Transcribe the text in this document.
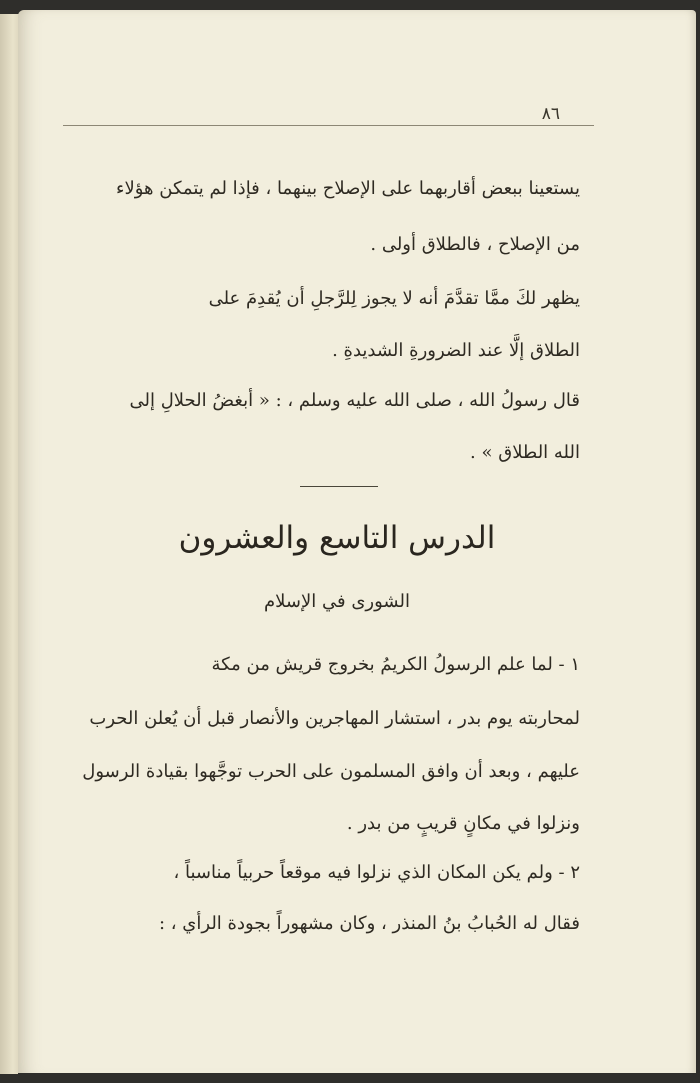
٨٦
يستعينا ببعض أقاربهما على الإصلاح بينهما ، فإذا لم يتمكن هؤلاء
من الإصلاح ، فالطلاق أولى .
يظهر لكَ ممَّا تقدَّمَ أنه لا يجوز لِلرَّجلِ أن يُقدِمَ على
الطلاق إلَّا عند الضرورةِ الشديدةِ .
قال رسولُ الله ، صلى الله عليه وسلم ، : « أبغضُ الحلالِ إلى
الله الطلاق » .
الدرس التاسع والعشرون
الشورى في الإسلام
١ - لما علم الرسولُ الكريمُ بخروج قريش من مكة
لمحاربته يوم بدر ، استشار المهاجرين والأنصار قبل أن يُعلن الحرب
عليهم ، وبعد أن وافق المسلمون على الحرب توجَّهوا بقيادة الرسول
ونزلوا في مكانٍ قريبٍ من بدر .
٢ - ولم يكن المكان الذي نزلوا فيه موقعاً حربياً مناسباً ،
فقال له الحُبابُ بنُ المنذر ، وكان مشهوراً بجودة الرأي ، :
